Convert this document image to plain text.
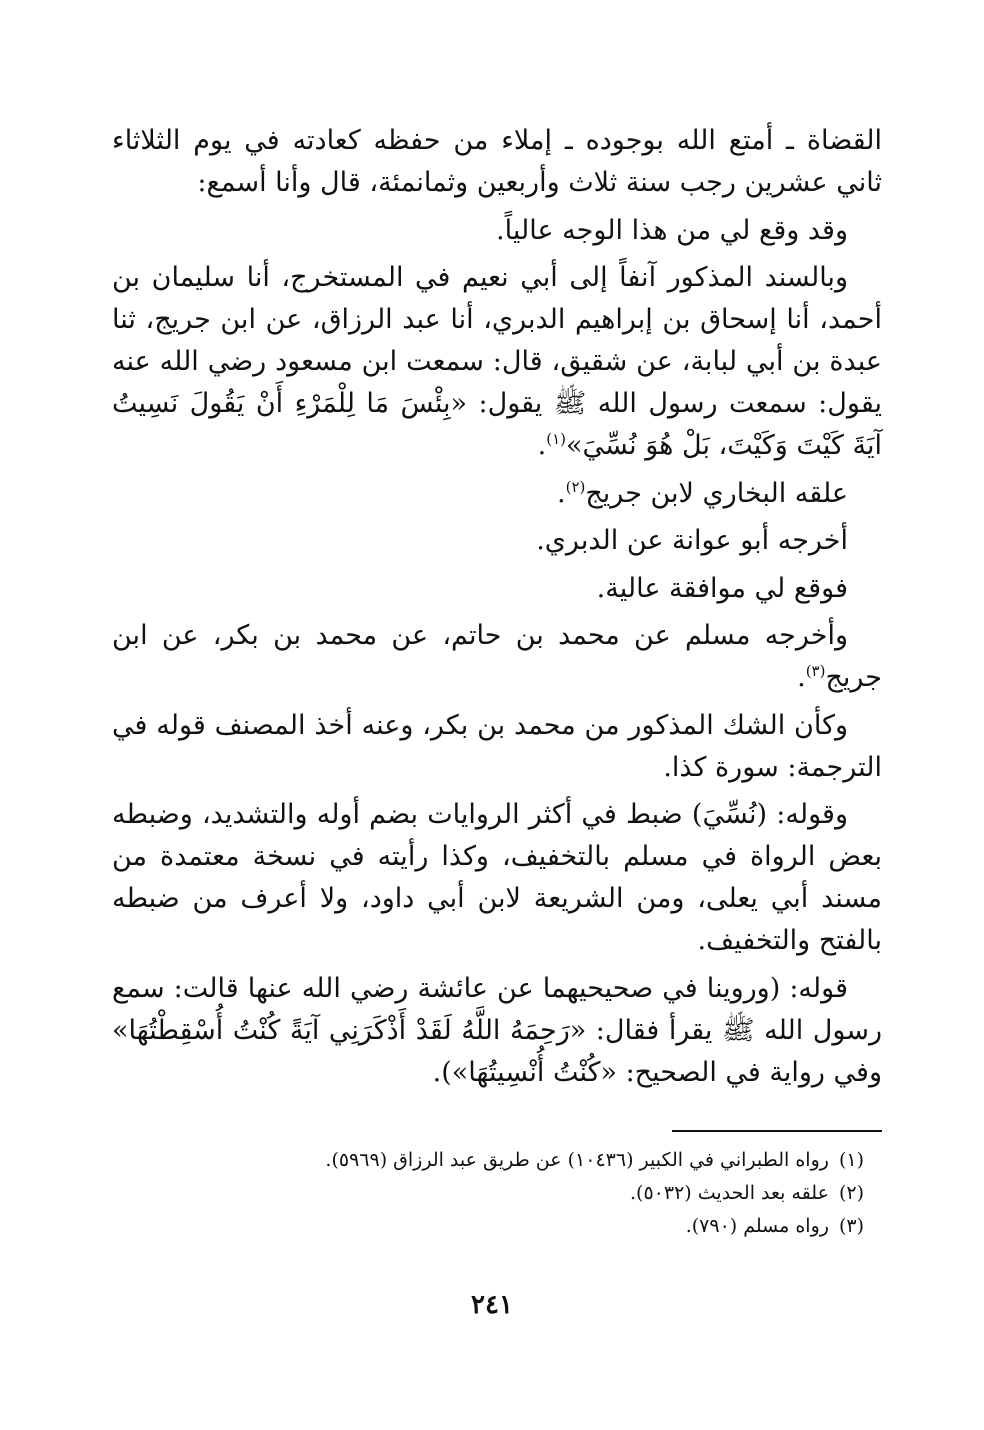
القضاة ـ أمتع الله بوجوده ـ إملاء من حفظه كعادته في يوم الثلاثاء ثاني عشرين رجب سنة ثلاث وأربعين وثمانمئة، قال وأنا أسمع:

وقد وقع لي من هذا الوجه عالياً.

وبالسند المذكور آنفاً إلى أبي نعيم في المستخرج، أنا سليمان بن أحمد، أنا إسحاق بن إبراهيم الدبري، أنا عبد الرزاق، عن ابن جريج، ثنا عبدة بن أبي لبابة، عن شقيق، قال: سمعت ابن مسعود رضي الله عنه يقول: سمعت رسول الله ﷺ يقول: «بِئْسَ مَا لِلْمَرْءِ أَنْ يَقُولَ نَسِيتُ آيَةَ كَيْتَ وَكَيْتَ، بَلْ هُوَ نُسِّيَ»$^{(١)}$.

علقه البخاري لابن جريج$^{(٢)}$.

أخرجه أبو عوانة عن الدبري.

فوقع لي موافقة عالية.

وأخرجه مسلم عن محمد بن حاتم، عن محمد بن بكر، عن ابن جريج$^{(٣)}$.

وكأن الشك المذكور من محمد بن بكر، وعنه أخذ المصنف قوله في الترجمة: سورة كذا.

وقوله: (نُسِّيَ) ضبط في أكثر الروايات بضم أوله والتشديد، وضبطه بعض الرواة في مسلم بالتخفيف، وكذا رأيته في نسخة معتمدة من مسند أبي يعلى، ومن الشريعة لابن أبي داود، ولا أعرف من ضبطه بالفتح والتخفيف.

قوله: (وروينا في صحيحيهما عن عائشة رضي الله عنها قالت: سمع رسول الله ﷺ يقرأ فقال: «رَحِمَهُ اللَّهُ لَقَدْ أَذْكَرَنِي آيَةً كُنْتُ أُسْقِطْتُهَا» وفي رواية في الصحيح: «كُنْتُ أُنْسِيتُهَا»).

(١)رواه الطبراني في الكبير (١٠٤٣٦) عن طريق عبد الرزاق (٥٩٦٩).

(٢)علقه بعد الحديث (٥٠٣٢).

(٣)رواه مسلم (٧٩٠).

٢٤١
